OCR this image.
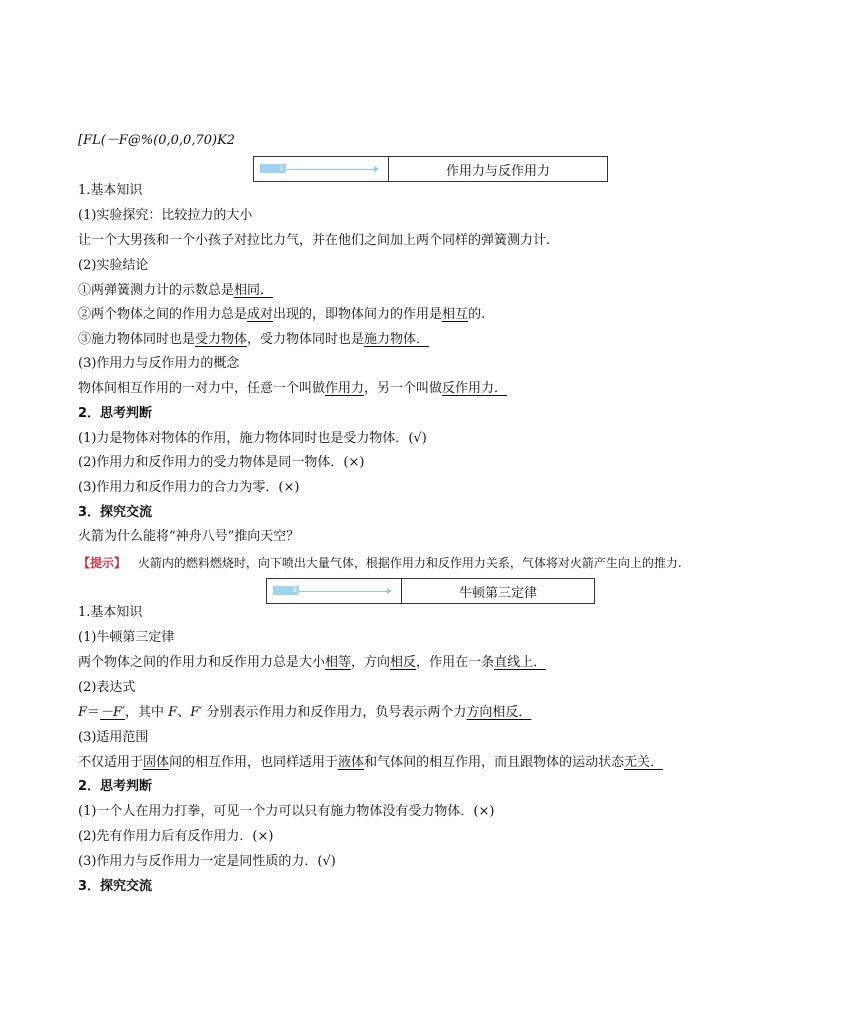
[FL(－F@%(0,0,0,70)K2
1	作用力与反作用力
1.基本知识
(1)实验探究：比较拉力的大小
让一个大男孩和一个小孩子对拉比力气，并在他们之间加上两个同样的弹簧测力计.
(2)实验结论
①两弹簧测力计的示数总是相同．
②两个物体之间的作用力总是成对出现的，即物体间力的作用是相互的.
③施力物体同时也是受力物体，受力物体同时也是施力物体．
(3)作用力与反作用力的概念
物体间相互作用的一对力中，任意一个叫做作用力，另一个叫做反作用力．
2．思考判断
(1)力是物体对物体的作用，施力物体同时也是受力物体．(√)
(2)作用力和反作用力的受力物体是同一物体．(×)
(3)作用力和反作用力的合力为零．(×)
3．探究交流
火箭为什么能将“神舟八号”推向天空？
【提示】 火箭内的燃料燃烧时，向下喷出大量气体，根据作用力和反作用力关系，气体将对火箭产生向上的推力.
2	牛顿第三定律
1.基本知识
(1)牛顿第三定律
两个物体之间的作用力和反作用力总是大小相等，方向相反，作用在一条直线上．
(2)表达式
F＝－F′，其中 F、F′ 分别表示作用力和反作用力，负号表示两个力方向相反．
(3)适用范围
不仅适用于固体间的相互作用，也同样适用于液体和气体间的相互作用，而且跟物体的运动状态无关．
2．思考判断
(1)一个人在用力打拳，可见一个力可以只有施力物体没有受力物体．(×)
(2)先有作用力后有反作用力．(×)
(3)作用力与反作用力一定是同性质的力．(√)
3．探究交流
